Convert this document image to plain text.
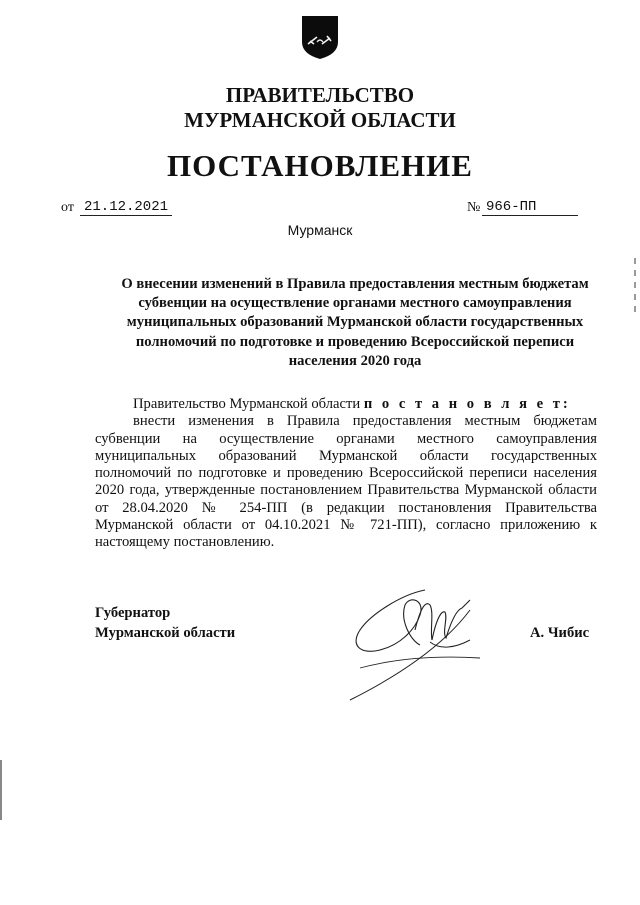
ПРАВИТЕЛЬСТВО
МУРМАНСКОЙ ОБЛАСТИ
ПОСТАНОВЛЕНИЕ
от 21.12.2021	№ 966-ПП
Мурманск
О внесении изменений в Правила предоставления местным бюджетам
субвенции на осуществление органами местного самоуправления
муниципальных образований Мурманской области государственных
полномочий по подготовке и проведению Всероссийской переписи
населения 2020 года

Правительство Мурманской области п о с т а н о в л я е т:

внести изменения в Правила предоставления местным бюджетам субвенции на осуществление органами местного самоуправления муниципальных образований Мурманской области государственных полномочий по подготовке и проведению Всероссийской переписи населения 2020 года, утвержденные постановлением Правительства Мурманской области от 28.04.2020 № 254-ПП (в редакции постановления Правительства Мурманской области от 04.10.2021 № 721-ПП), согласно приложению к настоящему постановлению.

Губернатор
Мурманской области	А. Чибис
